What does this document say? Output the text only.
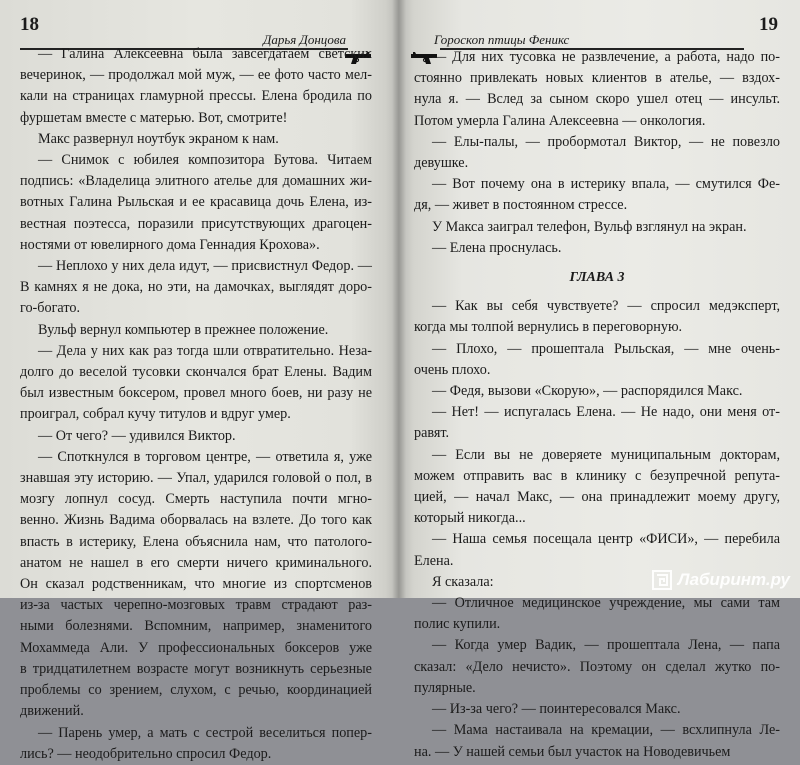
18
Дарья Донцова
— Галина Алексеевна была завсегдатаем светских
вечеринок, — продолжал мой муж, — ее фото часто мел-
кали на страницах гламурной прессы. Елена бродила по
фуршетам вместе с матерью. Вот, смотрите!
Макс развернул ноутбук экраном к нам.
— Снимок с юбилея композитора Бутова. Читаем
подпись: «Владелица элитного ателье для домашних жи-
вотных Галина Рыльская и ее красавица дочь Елена, из-
вестная поэтесса, поразили присутствующих драгоцен-
ностями от ювелирного дома Геннадия Крохова».
— Неплохо у них дела идут, — присвистнул Федор. —
В камнях я не дока, но эти, на дамочках, выглядят доро-
го-богато.
Вульф вернул компьютер в прежнее положение.
— Дела у них как раз тогда шли отвратительно. Неза-
долго до веселой тусовки скончался брат Елены. Вадим
был известным боксером, провел много боев, ни разу не
проиграл, собрал кучу титулов и вдруг умер.
— От чего? — удивился Виктор.
— Споткнулся в торговом центре, — ответила я, уже
знавшая эту историю. — Упал, ударился головой о пол, в
мозгу лопнул сосуд. Смерть наступила почти мгно-
венно. Жизнь Вадима оборвалась на взлете. До того как
впасть в истерику, Елена объяснила нам, что патолого-
анатом не нашел в его смерти ничего криминального.
Он сказал родственникам, что многие из спортсменов
из-за частых черепно-мозговых травм страдают раз-
ными болезнями. Вспомним, например, знаменитого
Мохаммеда Али. У профессиональных боксеров уже
в тридцатилетнем возрасте могут возникнуть серьезные
проблемы со зрением, слухом, с речью, координацией
движений.
— Парень умер, а мать с сестрой веселиться попер-
лись? — неодобрительно спросил Федор.
19
Гороскоп птицы Феникс
— Для них тусовка не развлечение, а работа, надо по-
стоянно привлекать новых клиентов в ателье, — вздох-
нула я. — Вслед за сыном скоро ушел отец — инсульт.
Потом умерла Галина Алексеевна — онкология.
— Елы-палы, — пробормотал Виктор, — не повезло
девушке.
— Вот почему она в истерику впала, — смутился Фе-
дя, — живет в постоянном стрессе.
У Макса заиграл телефон, Вульф взглянул на экран.
— Елена проснулась.
ГЛАВА 3
— Как вы себя чувствуете? — спросил медэксперт,
когда мы толпой вернулись в переговорную.
— Плохо, — прошептала Рыльская, — мне очень-
очень плохо.
— Федя, вызови «Скорую», — распорядился Макс.
— Нет! — испугалась Елена. — Не надо, они меня от-
равят.
— Если вы не доверяете муниципальным докторам,
можем отправить вас в клинику с безупречной репута-
цией, — начал Макс, — она принадлежит моему другу,
который никогда...
— Наша семья посещала центр «ФИСИ», — перебила
Елена.
Я сказала:
— Отличное медицинское учреждение, мы сами там
полис купили.
— Когда умер Вадик, — прошептала Лена, — папа
сказал: «Дело нечисто». Поэтому он сделал жутко по-
пулярные.
— Из-за чего? — поинтересовался Макс.
— Мама настаивала на кремации, — всхлипнула Ле-
на. — У нашей семьи был участок на Новодевичьем
Лабиринт.ру
